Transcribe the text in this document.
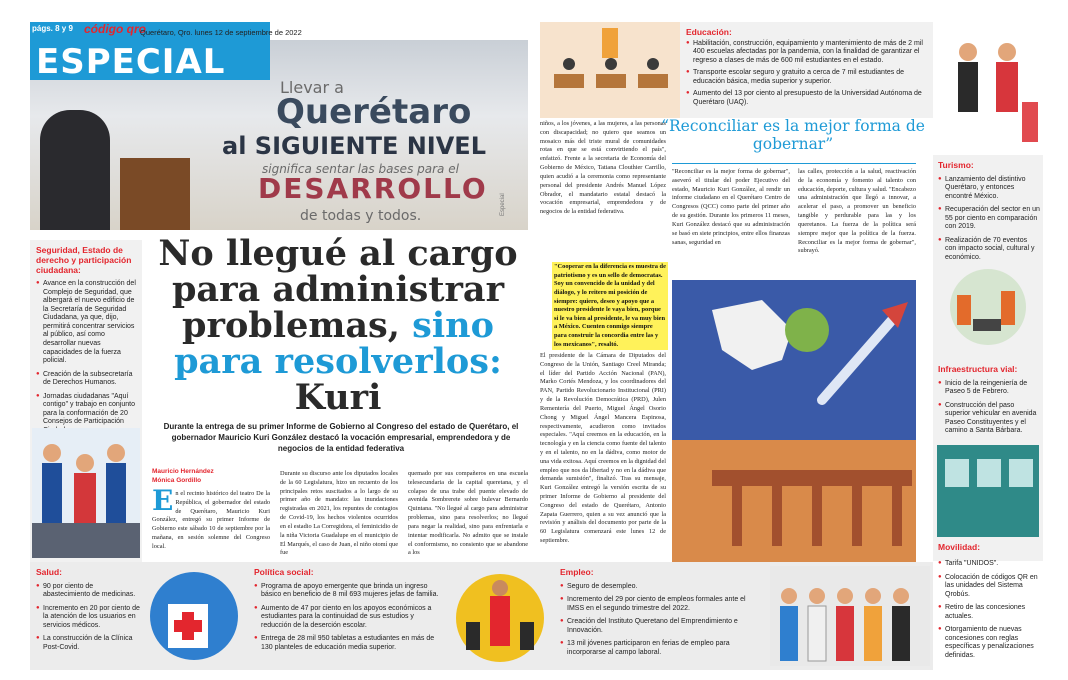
Llevar a
Querétaro
al SIGUIENTE NIVEL
significa sentar las bases para el
DESARROLLO
de todas y todos.	Especial
págs. 8 y 9 código qro
Querétaro, Qro. lunes 12 de septiembre de 2022
ESPECIAL
Seguridad, Estado de derecho y participación ciudadana:
● Avance en la construcción del Complejo de Seguridad, que albergará el nuevo edificio de la Secretaría de Seguridad Ciudadana, ya que, dijo, permitirá concentrar servicios al público, así como desarrollar nuevas capacidades de la fuerza policial.
● Creación de la subsecretaría de Derechos Humanos.
● Jornadas ciudadanas "Aquí contigo" y trabajo en conjunto para la conformación de 20 Consejos de Participación
No llegué al cargo para administrar problemas, sino para resolverlos: Kuri
Durante la entrega de su primer Informe de Gobierno al Congreso del estado de Querétaro, el gobernador Mauricio Kuri González destacó la vocación empresarial, emprendedora y de negocios de la entidad federativa
Mauricio Hernández
Mónica Gordillo
En el recinto histórico del teatro De la República, el gobernador del estado de Querétaro, Mauricio Kuri González, entregó su primer Informe de Gobierno este sábado 10 de septiembre por la mañana, en sesión solemne del Congreso local.
Durante su discurso ante los diputados locales de la 60 Legislatura, hizo un recuento de los principales retos suscitados a lo largo de su primer año de mandato: las inundaciones registradas en 2021, los repuntes de contagios de Covid-19, los hechos violentos ocurridos en el estadio La Corregidora, el feminicidio de la niña Victoria Guadalupe en el municipio de El Marqués, el caso de Juan, el niño otomí que fue
quemado por sus compañeros en una escuela telesecundaria de la capital queretana, y el colapso de una trabe del puente elevado de avenida Sombrerete sobre bulevar Bernardo Quintana. "No llegué al cargo para administrar problemas, sino para resolverlos; no llegué para negar la realidad, sino para enfrentarla e intentar modificarla. No admito que se instale el conformismo, no consiento que se abandone a los
niños, a los jóvenes, a las mujeres, a las personas con discapacidad; no quiero que seamos un mosaico más del triste mural de comunidades rotas en que se está convirtiendo el país", enfatizó. Frente a la secretaria de Economía del Gobierno de México, Tatiana Clouthier Carrillo, quien acudió a la ceremonia como representante personal del presidente Andrés Manuel López Obrador, el mandatario estatal destacó la vocación empresarial, emprendedora y de negocios de la entidad federativa.
"Cooperar en la diferencia es muestra de patriotismo y es un sello de democratas. Soy un convencido de la unidad y del diálogo, y lo reitero mi posición de siempre: quiero, deseo y apoyo que a nuestro presidente le vaya bien, porque si le va bien al presidente, le va muy bien a México. Cuenten conmigo siempre para construir la concordia entre las y los mexicanos", resaltó.
El presidente de la Cámara de Diputados del Congreso de la Unión, Santiago Creel Miranda; el líder del Partido Acción Nacional (PAN), Marko Cortés Mendoza, y los coordinadores del PAN, Partido Revolucionario Institucional (PRI) y de la Revolución Democrática (PRD), Julen Rementería del Puerto, Miguel Ángel Osorio Chong y Miguel Ángel Mancera Espinosa, respectivamente, acudieron como invitados especiales. "Aquí creemos en la educación, en la tecnología y en la ciencia como fuente del talento y en el talento, no en la dádiva, como motor de una vida exitosa. Aquí creemos en la dignidad del empleo que nos da libertad y no en la dádiva que demanda sumisión", finalizó. Tras su mensaje, Kuri González entregó la versión escrita de su primer Informe de Gobierno al presidente del Congreso del estado de Querétaro, Antonio Zapata Guerrero, quien a su vez anunció que la revisión y análisis del documento por parte de la 60 Legislatura comenzará este lunes 12 de septiembre.
Educación:
● Habilitación, construcción, equipamiento y mantenimiento de más de 2 mil 400 escuelas afectadas por la pandemia, con la finalidad de garantizar el regreso a clases de más de 600 mil estudiantes en el estado.
● Transporte escolar seguro y gratuito a cerca de 7 mil estudiantes de educación básica, media superior y superior.
● Aumento del 13 por ciento al presupuesto de la Universidad Autónoma de Querétaro (UAQ).
“Reconciliar es la mejor forma de gobernar”
"Reconciliar es la mejor forma de gobernar", aseveró el titular del poder Ejecutivo del estado, Mauricio Kuri González, al rendir un informe ciudadano en el Querétaro Centro de Congresos (QCC) como parte del primer año de su gestión. Durante los primeros 11 meses, Kuri González destacó que su administración se basó en siete principios, entre ellos finanzas sanas, seguridad en
las calles, protección a la salud, reactivación de la economía y fomento al talento con educación, deporte, cultura y salud. "Encabezo una administración que llegó a innovar, a acelerar el paso, a promover un beneficio tangible y perdurable para las y los queretanos. La fuerza de la política será siempre mejor que la política de la fuerza. Reconciliar es la mejor forma de gobernar", subrayó.
Turismo:
● Lanzamiento del distintivo Querétaro, y entonces encontré México.
● Recuperación del sector en un 55 por ciento en comparación con 2019.
● Realización de 70 eventos con impacto social, cultural y económico.
Infraestructura vial:
● Inicio de la reingeniería de Paseo 5 de Febrero.
● Construcción del paso superior vehicular en avenida Paseo Constituyentes y el camino a Santa Bárbara.
Movilidad:
● Tarifa "UNIDOS".
● Colocación de códigos QR en las unidades del Sistema Qrobús.
● Retiro de las concesiones actuales.
● Otorgamiento de nuevas concesiones con reglas específicas y penalizaciones definidas.
Salud:
● 90 por ciento de abastecimiento de medicinas.
● Incremento en 20 por ciento de la atención de los usuarios en servicios médicos.
● La construcción de la Clínica Post-Covid.
Política social:
● Programa de apoyo emergente que brinda un ingreso básico en beneficio de 8 mil 693 mujeres jefas de familia.
● Aumento de 47 por ciento en los apoyos económicos a estudiantes para la continuidad de sus estudios y reducción de la deserción escolar.
● Entrega de 28 mil 950 tabletas a estudiantes en más de 130 planteles de educación media superior.
Empleo:
● Seguro de desempleo.
● Incremento del 29 por ciento de empleos formales ante el IMSS en el segundo trimestre del 2022.
● Creación del Instituto Queretano del Emprendimiento e Innovación.
● 13 mil jóvenes participaron en ferias de empleo para incorporarse al campo laboral.
